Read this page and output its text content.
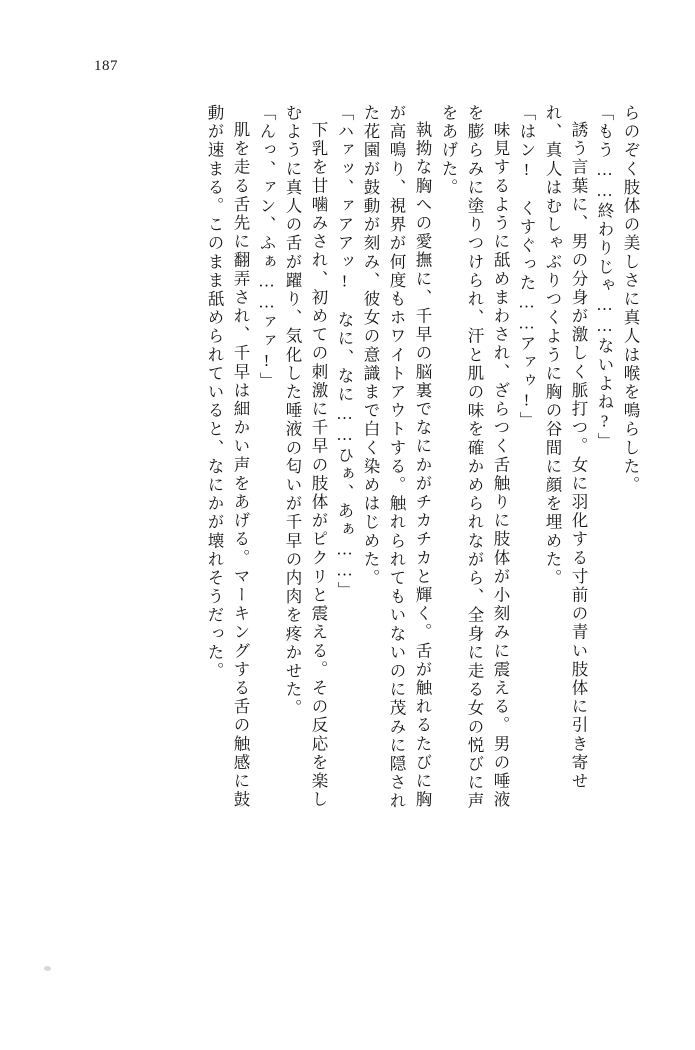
187
らのぞく肢体の美しさに真人は喉を鳴らした。
「もう……終わりじゃ……ないよね?」
誘う言葉に、男の分身が激しく脈打つ。女に羽化する寸前の青い肢体に引き寄せ
れ、真人はむしゃぶりつくように胸の谷間に顔を埋めた。
「はン!　くすぐった……アァゥ!」
味見するように舐めまわされ、ざらつく舌触りに肢体が小刻みに震える。男の唾液
を膨らみに塗りつけられ、汗と肌の味を確かめられながら、全身に走る女の悦びに声
をあげた。
執拗な胸への愛撫に、千早の脳裏でなにかがチカチカと輝く。舌が触れるたびに胸
が高鳴り、視界が何度もホワイトアウトする。触れられてもいないのに茂みに隠され
た花園が鼓動が刻み、彼女の意識まで白く染めはじめた。
「ハァッ、ァアアッ!　なに、なに……ひぁ、あぁ……」
下乳を甘噛みされ、初めての刺激に千早の肢体がピクリと震える。その反応を楽し
むように真人の舌が躍り、気化した唾液の匂いが千早の内肉を疼かせた。
「んっ、ァン、ふぁ……ァァ!」
肌を走る舌先に翻弄され、千早は細かい声をあげる。マーキングする舌の触感に鼓
動が速まる。このまま舐められていると、なにかが壊れそうだった。
